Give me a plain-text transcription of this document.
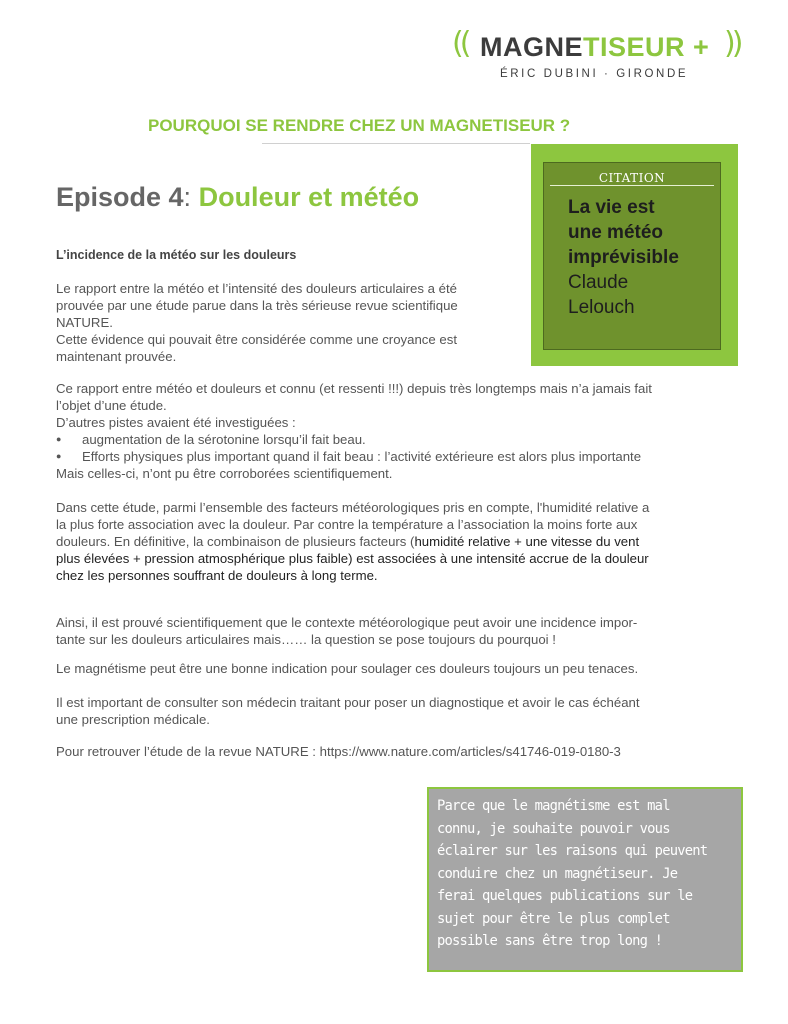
(( MAGNETISEUR + ))
ÉRIC DUBINI · GIRONDE
POURQUOI SE RENDRE CHEZ UN MAGNETISEUR ?
CITATION
La vie est
une météo
imprévisible
Claude
Lelouch
Episode 4: Douleur et météo
L’incidence de la météo sur les douleurs

Le rapport entre la météo et l’intensité des douleurs articulaires a été

prouvée par une étude parue dans la très sérieuse revue scientifique

NATURE.

Cette évidence qui pouvait être considérée comme une croyance est

maintenant prouvée.

Ce rapport entre météo et douleurs et connu (et ressenti !!!) depuis très longtemps mais n’a jamais fait

l’objet d’une étude.

D’autres pistes avaient été investiguées :

● augmentation de la sérotonine lorsqu’il fait beau.
● Efforts physiques plus important quand il fait beau : l’activité extérieure est alors plus importante
Mais celles-ci, n’ont pu être corroborées scientifiquement.

Dans cette étude, parmi l’ensemble des facteurs météorologiques pris en compte, l'humidité relative a

la plus forte association avec la douleur. Par contre la température a l’association la moins forte aux

douleurs. En définitive, la combinaison de plusieurs facteurs (humidité relative + une vitesse du vent

plus élevées + pression atmosphérique plus faible) est associées à une intensité accrue de la douleur

chez les personnes souffrant de douleurs à long terme.

Ainsi, il est prouvé scientifiquement que le contexte météorologique peut avoir une incidence impor-

tante sur les douleurs articulaires mais…… la question se pose toujours du pourquoi !

Le magnétisme peut être une bonne indication pour soulager ces douleurs toujours un peu tenaces.

Il est important de consulter son médecin traitant pour poser un diagnostique et avoir le cas échéant

une prescription médicale.

Pour retrouver l’étude de la revue NATURE : https://www.nature.com/articles/s41746-019-0180-3
Parce que le magnétisme est mal
connu, je souhaite pouvoir vous
éclairer sur les raisons qui peuvent
conduire chez un magnétiseur. Je
ferai quelques publications sur le
sujet pour être le plus complet
possible sans être trop long !
